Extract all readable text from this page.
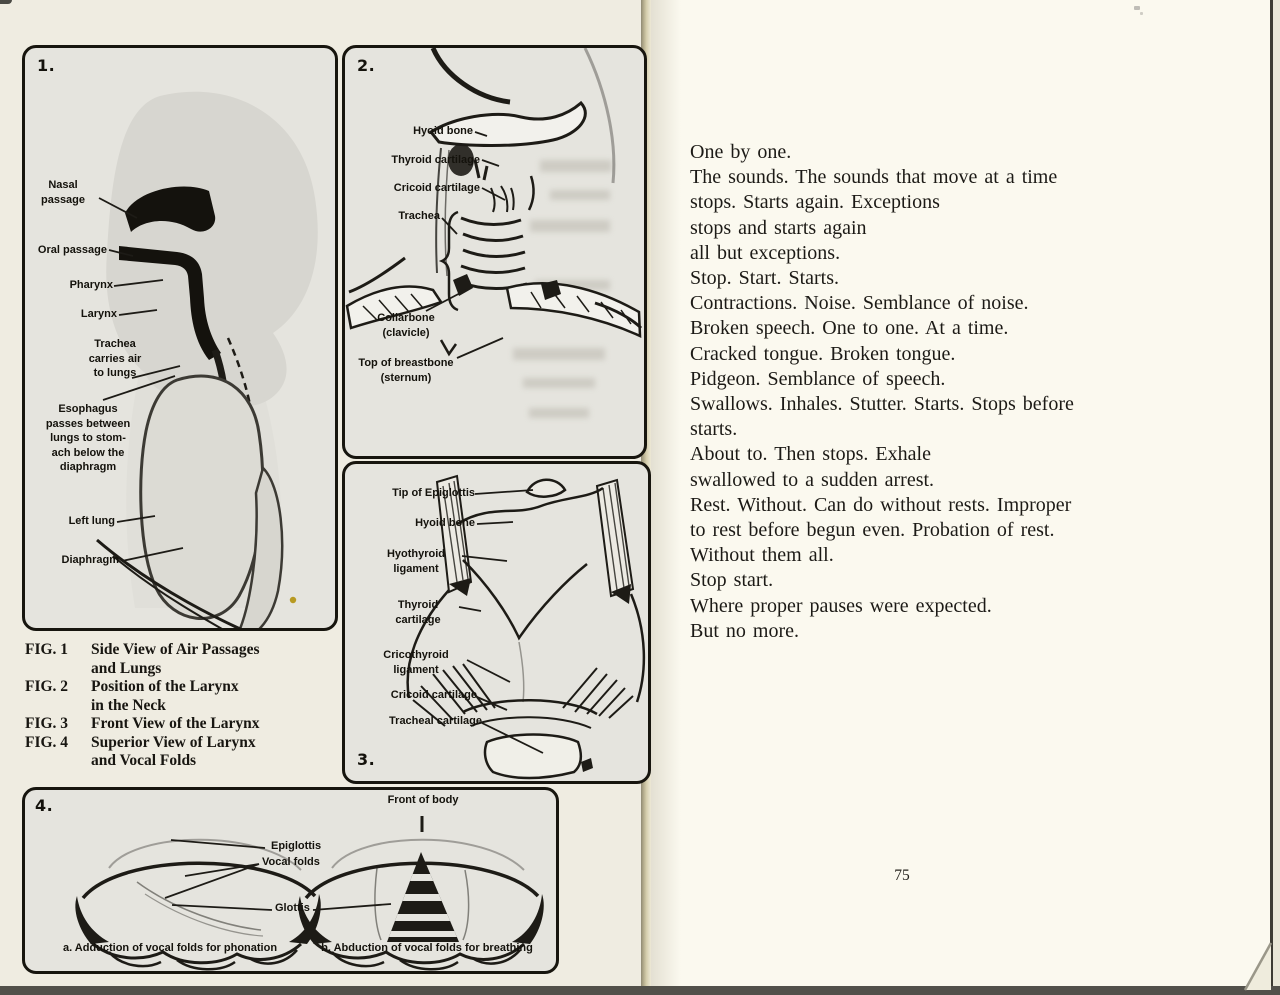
1.
Nasal
passage
Oral passage
Pharynx
Larynx
Trachea
carries air
to lungs
Esophagus
passes between
lungs to stom-
ach below the
diaphragm
Left lung
Diaphragm
2.
Hyoid bone
Thyroid cartilage
Cricoid cartilage
Trachea
Collarbone
(clavicle)
Top of breastbone
(sternum)
3.
Tip of Epiglottis
Hyoid bone
Hyothyroid
ligament
Thyroid
cartilage
Cricothyroid
ligament
Cricoid cartilage
Tracheal cartilage
FIG. 1	Side View of Air Passages
and Lungs
FIG. 2	Position of the Larynx
in the Neck
FIG. 3	Front View of the Larynx
FIG. 4	Superior View of Larynx
and Vocal Folds
4.	Front of body
Epiglottis
Vocal folds
Glottis
a. Adduction of vocal folds for phonation	b. Abduction of vocal folds for breathing
One by one.
The sounds. The sounds that move at a time
stops. Starts again. Exceptions
stops and starts again
all but exceptions.
Stop. Start. Starts.
Contractions. Noise. Semblance of noise.
Broken speech. One to one. At a time.
Cracked tongue. Broken tongue.
Pidgeon. Semblance of speech.
Swallows. Inhales. Stutter. Starts. Stops before
starts.
About to. Then stops. Exhale
swallowed to a sudden arrest.
Rest. Without. Can do without rests. Improper
to rest before begun even. Probation of rest.
Without them all.
Stop start.
Where proper pauses were expected.
But no more.
75
